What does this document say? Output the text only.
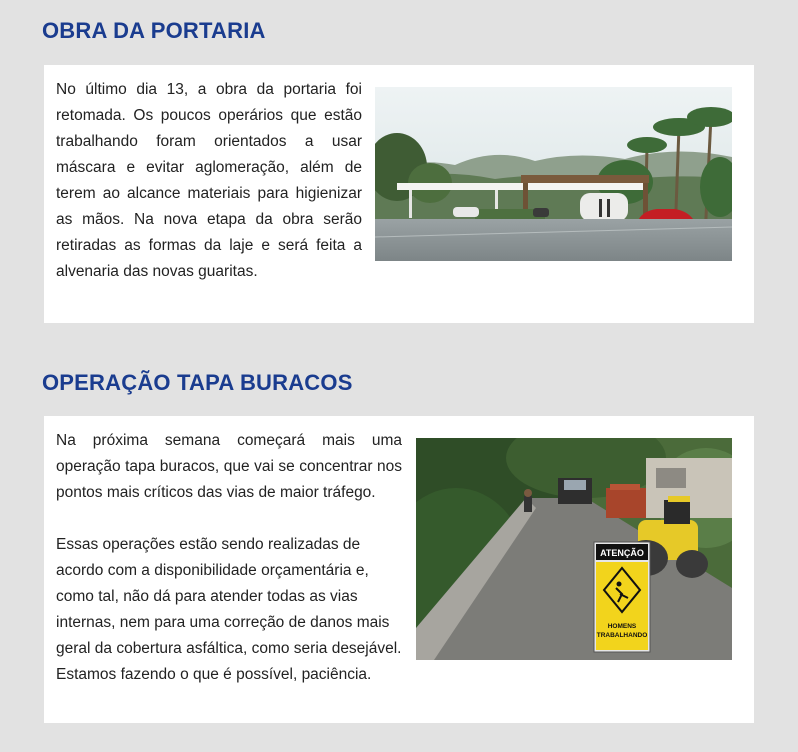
OBRA DA PORTARIA

No último dia 13, a obra da portaria foi retomada. Os poucos operários que estão trabalhando foram orientados a usar máscara e evitar aglomeração, além de terem ao alcance materiais para higienizar as mãos. Na nova etapa da obra serão retiradas as formas da laje e será feita a alvenaria das novas guaritas.

OPERAÇÃO TAPA BURACOS
ATENÇÃO
HOMENS
TRABALHANDO

Na próxima semana começará mais uma operação tapa buracos, que vai se concentrar nos pontos mais críticos das vias de maior tráfego.

Essas operações estão sendo realizadas de acordo com a disponibilidade orçamentária e, como tal, não dá para atender todas as vias internas, nem para uma correção de danos mais geral da cobertura asfáltica, como seria desejável. Estamos fazendo o que é possível, paciência.
